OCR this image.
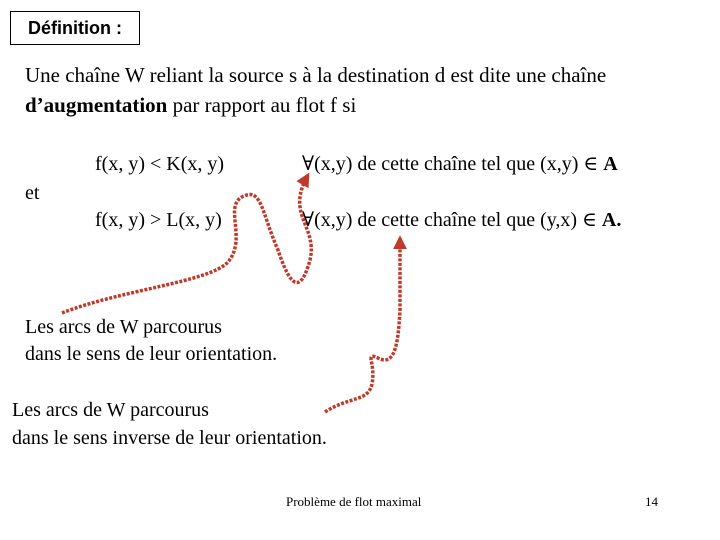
Définition :
Une chaîne W reliant la source s à la destination d est dite une chaîne
d’augmentation par rapport au flot f si
f(x, y) < K(x, y)	∀(x,y) de cette chaîne tel que (x,y) ∈ A
et
f(x, y) > L(x, y)	∀(x,y) de cette chaîne tel que (y,x) ∈ A.
Les arcs de W parcourus
dans le sens de leur orientation.
Les arcs de W parcourus
dans le sens inverse de leur orientation.
Problème de flot maximal	14
